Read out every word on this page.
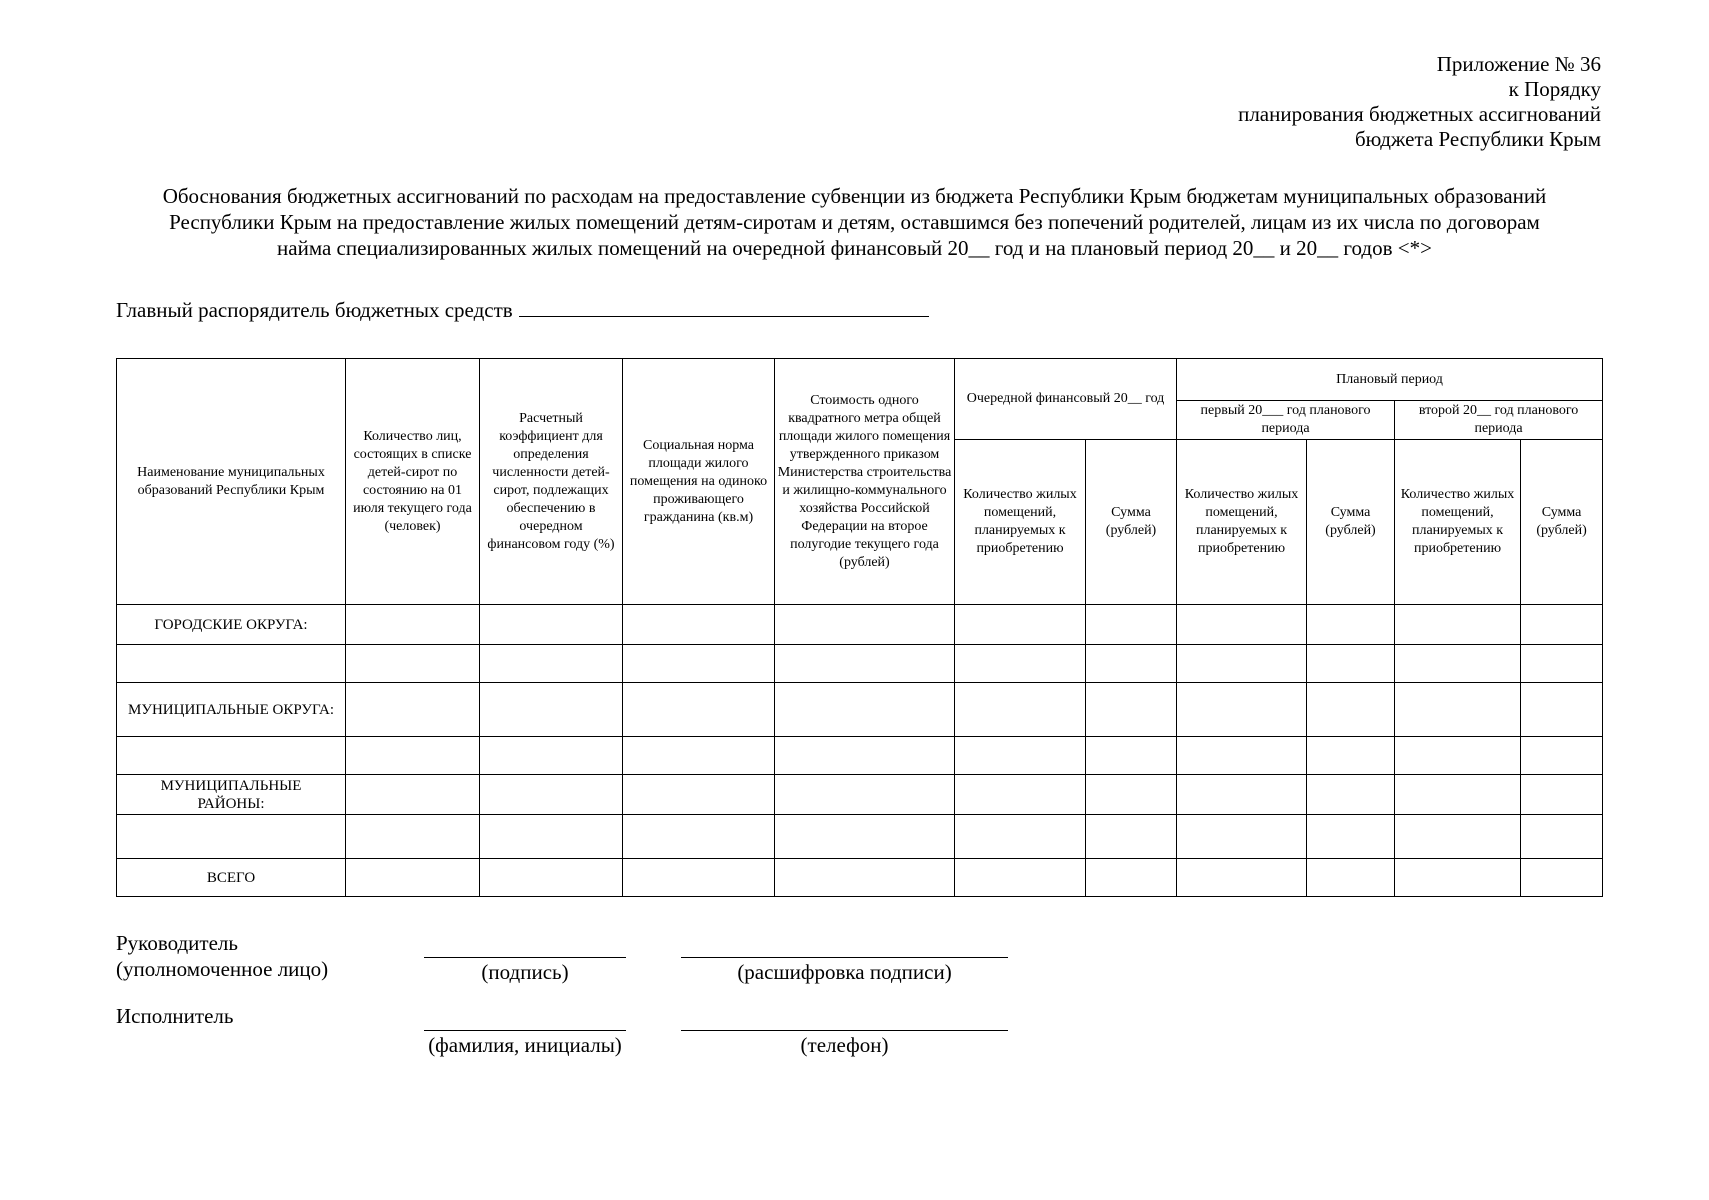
Приложение № 36
к Порядку
планирования бюджетных ассигнований
бюджета Республики Крым
Обоснования бюджетных ассигнований по расходам на предоставление субвенции из бюджета Республики Крым бюджетам муниципальных образований
Республики Крым на предоставление жилых помещений детям-сиротам и детям, оставшимся без попечений родителей, лицам из их числа по договорам
найма специализированных жилых помещений на очередной финансовый 20__ год и на плановый период 20__ и 20__ годов <*>
Главный распорядитель бюджетных средств
Наименование муниципальных образований Республики Крым	Количество лиц, состоящих в списке детей-сирот по состоянию на 01 июля текущего года (человек)	Расчетный коэффициент для определения численности детей-сирот, подлежащих обеспечению в очередном финансовом году (%)	Социальная норма площади жилого помещения на одиноко проживающего гражданина (кв.м)	Стоимость одного квадратного метра общей площади жилого помещения утвержденного приказом Министерства строительства и жилищно-коммунального хозяйства Российской Федерации на второе полугодие текущего года (рублей)	Очередной финансовый 20__ год		Плановый период			
							первый 20___ год планового периода		второй 20__ год планового периода	
					Количество жилых помещений, планируемых к приобретению	Сумма (рублей)	Количество жилых помещений, планируемых к приобретению	Сумма (рублей)	Количество жилых помещений, планируемых к приобретению	Сумма (рублей)
ГОРОДСКИЕ ОКРУГА:										

МУНИЦИПАЛЬНЫЕ ОКРУГА:										

МУНИЦИПАЛЬНЫЕ РАЙОНЫ:										

ВСЕГО										
Руководитель
(уполномоченное лицо)	(подпись)	(расшифровка подписи)
Исполнитель
(фамилия, инициалы)	(телефон)
